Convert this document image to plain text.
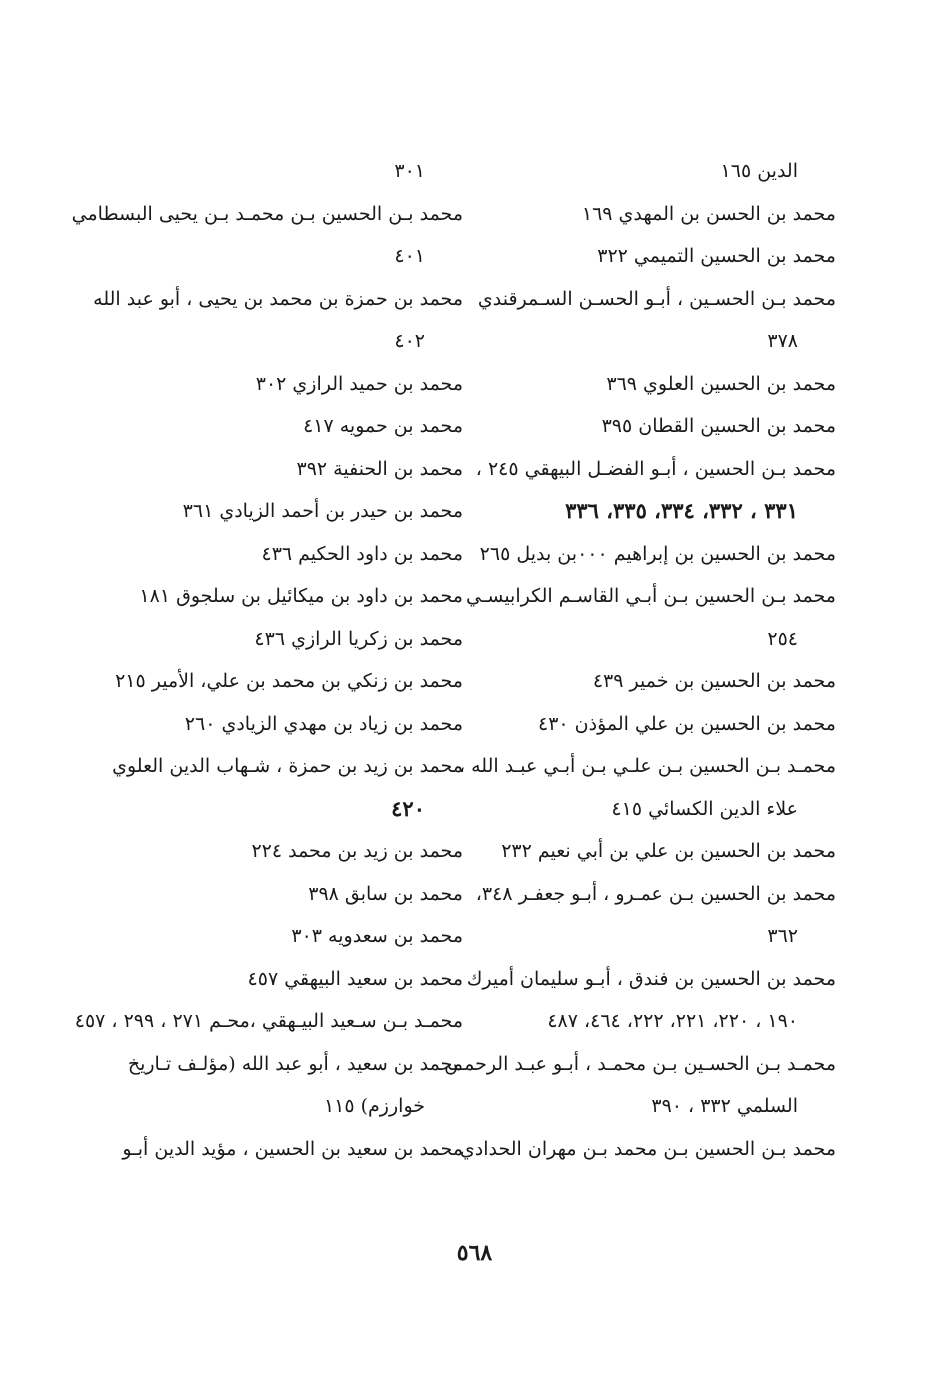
الدين ١٦٥
محمد بن الحسن بن المهدي ١٦٩
محمد بن الحسين التميمي ٣٢٢
محمد بـن الحسـين ، أبـو الحسـن السـمرقندي
٣٧٨
محمد بن الحسين العلوي ٣٦٩
محمد بن الحسين القطان ٣٩٥
محمد بـن الحسين ، أبـو الفضـل البيهقي ٢٤٥ ،
٣٣١ ، ٣٣٢، ٣٣٤، ٣٣٥، ٣٣٦
محمد بن الحسين بن إبراهيم ٠٠٠بن بديل ٢٦٥
محمد بـن الحسين بـن أبـي القاسـم الكرابيسـي
٢٥٤
محمد بن الحسين بن خمير ٤٣٩
محمد بن الحسين بن علي المؤذن ٤٣٠
محمـد بـن الحسين بـن علـي بـن أبـي عبـد الله ،
علاء الدين الكسائي ٤١٥
محمد بن الحسين بن علي بن أبي نعيم ٢٣٢
محمد بن الحسين بـن عمـرو ، أبـو جعفـر ٣٤٨،
٣٦٢
محمد بن الحسين بن فندق ، أبـو سليمان أميرك
١٩٠ ، ٢٢٠، ٢٢١، ٢٢٢، ٤٦٤، ٤٨٧
محمـد بـن الحسـين بـن محمـد ، أبـو عبـد الرحمـن
السلمي ٣٣٢ ، ٣٩٠
محمد بـن الحسين بـن محمد بـن مهران الحدادي
٣٠١
محمد بـن الحسين بـن محمـد بـن يحيى البسطامي
٤٠١
محمد بن حمزة بن محمد بن يحيى ، أبو عبد الله
٤٠٢
محمد بن حميد الرازي ٣٠٢
محمد بن حمويه ٤١٧
محمد بن الحنفية ٣٩٢
محمد بن حيدر بن أحمد الزيادي ٣٦١
محمد بن داود الحكيم ٤٣٦
محمد بن داود بن ميكائيل بن سلجوق ١٨١
محمد بن زكريا الرازي ٤٣٦
محمد بن زنكي بن محمد بن علي، الأمير ٢١٥
محمد بن زياد بن مهدي الزيادي ٢٦٠
محمد بن زيد بن حمزة ، شـهاب الدين العلوي
٤٢٠
محمد بن زيد بن محمد ٢٢٤
محمد بن سابق ٣٩٨
محمد بن سعدويه ٣٠٣
محمد بن سعيد البيهقي ٤٥٧
محمـد بـن سـعيد البيـهقي ،محـم ٢٧١ ، ٢٩٩ ، ٤٥٧
محمد بن سعيد ، أبو عبد الله (مؤلـف تـاريخ
خوارزم) ١١٥
محمد بن سعيد بن الحسين ، مؤيد الدين أبـو
٥٦٨
